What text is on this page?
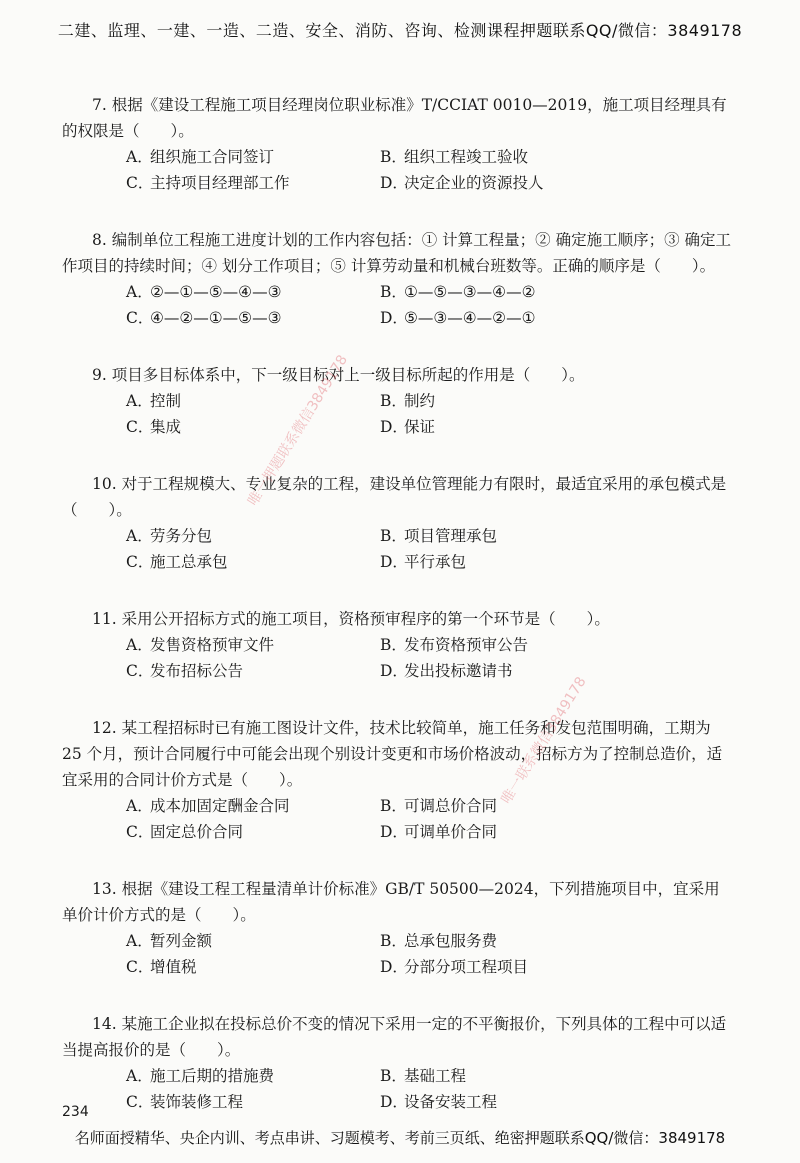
二建、监理、一建、一造、二造、安全、消防、咨询、检测课程押题联系QQ/微信：3849178
7. 根据《建设工程施工项目经理岗位职业标准》T/CCIAT 0010—2019，施工项目经理具有的权限是（　　）。
A．组织施工合同签订	B．组织工程竣工验收
C．主持项目经理部工作	D．决定企业的资源投人
8. 编制单位工程施工进度计划的工作内容包括：① 计算工程量；② 确定施工顺序；③ 确定工作项目的持续时间；④ 划分工作项目；⑤ 计算劳动量和机械台班数等。正确的顺序是（　　）。
A．②—①—⑤—④—③	B．①—⑤—③—④—②
C．④—②—①—⑤—③	D．⑤—③—④—②—①
9. 项目多目标体系中，下一级目标对上一级目标所起的作用是（　　）。
A．控制	B．制约
C．集成	D．保证
10. 对于工程规模大、专业复杂的工程，建设单位管理能力有限时，最适宜采用的承包模式是（　　）。
A．劳务分包	B．项目管理承包
C．施工总承包	D．平行承包
11. 采用公开招标方式的施工项目，资格预审程序的第一个环节是（　　）。
A．发售资格预审文件	B．发布资格预审公告
C．发布招标公告	D．发出投标邀请书
12. 某工程招标时已有施工图设计文件，技术比较简单，施工任务和发包范围明确，工期为 25 个月，预计合同履行中可能会出现个别设计变更和市场价格波动，招标方为了控制总造价，适宜采用的合同计价方式是（　　）。
A．成本加固定酬金合同	B．可调总价合同
C．固定总价合同	D．可调单价合同
13. 根据《建设工程工程量清单计价标准》GB/T 50500—2024，下列措施项目中，宜采用单价计价方式的是（　　）。
A．暂列金额	B．总承包服务费
C．增值税	D．分部分项工程项目
14. 某施工企业拟在投标总价不变的情况下采用一定的不平衡报价，下列具体的工程中可以适当提高报价的是（　　）。
A．施工后期的措施费	B．基础工程
C．装饰装修工程	D．设备安装工程
唯一押题联系微信3849178
唯一联系微信3849178
234
名师面授精华、央企内训、考点串讲、习题模考、考前三页纸、绝密押题联系QQ/微信：3849178
